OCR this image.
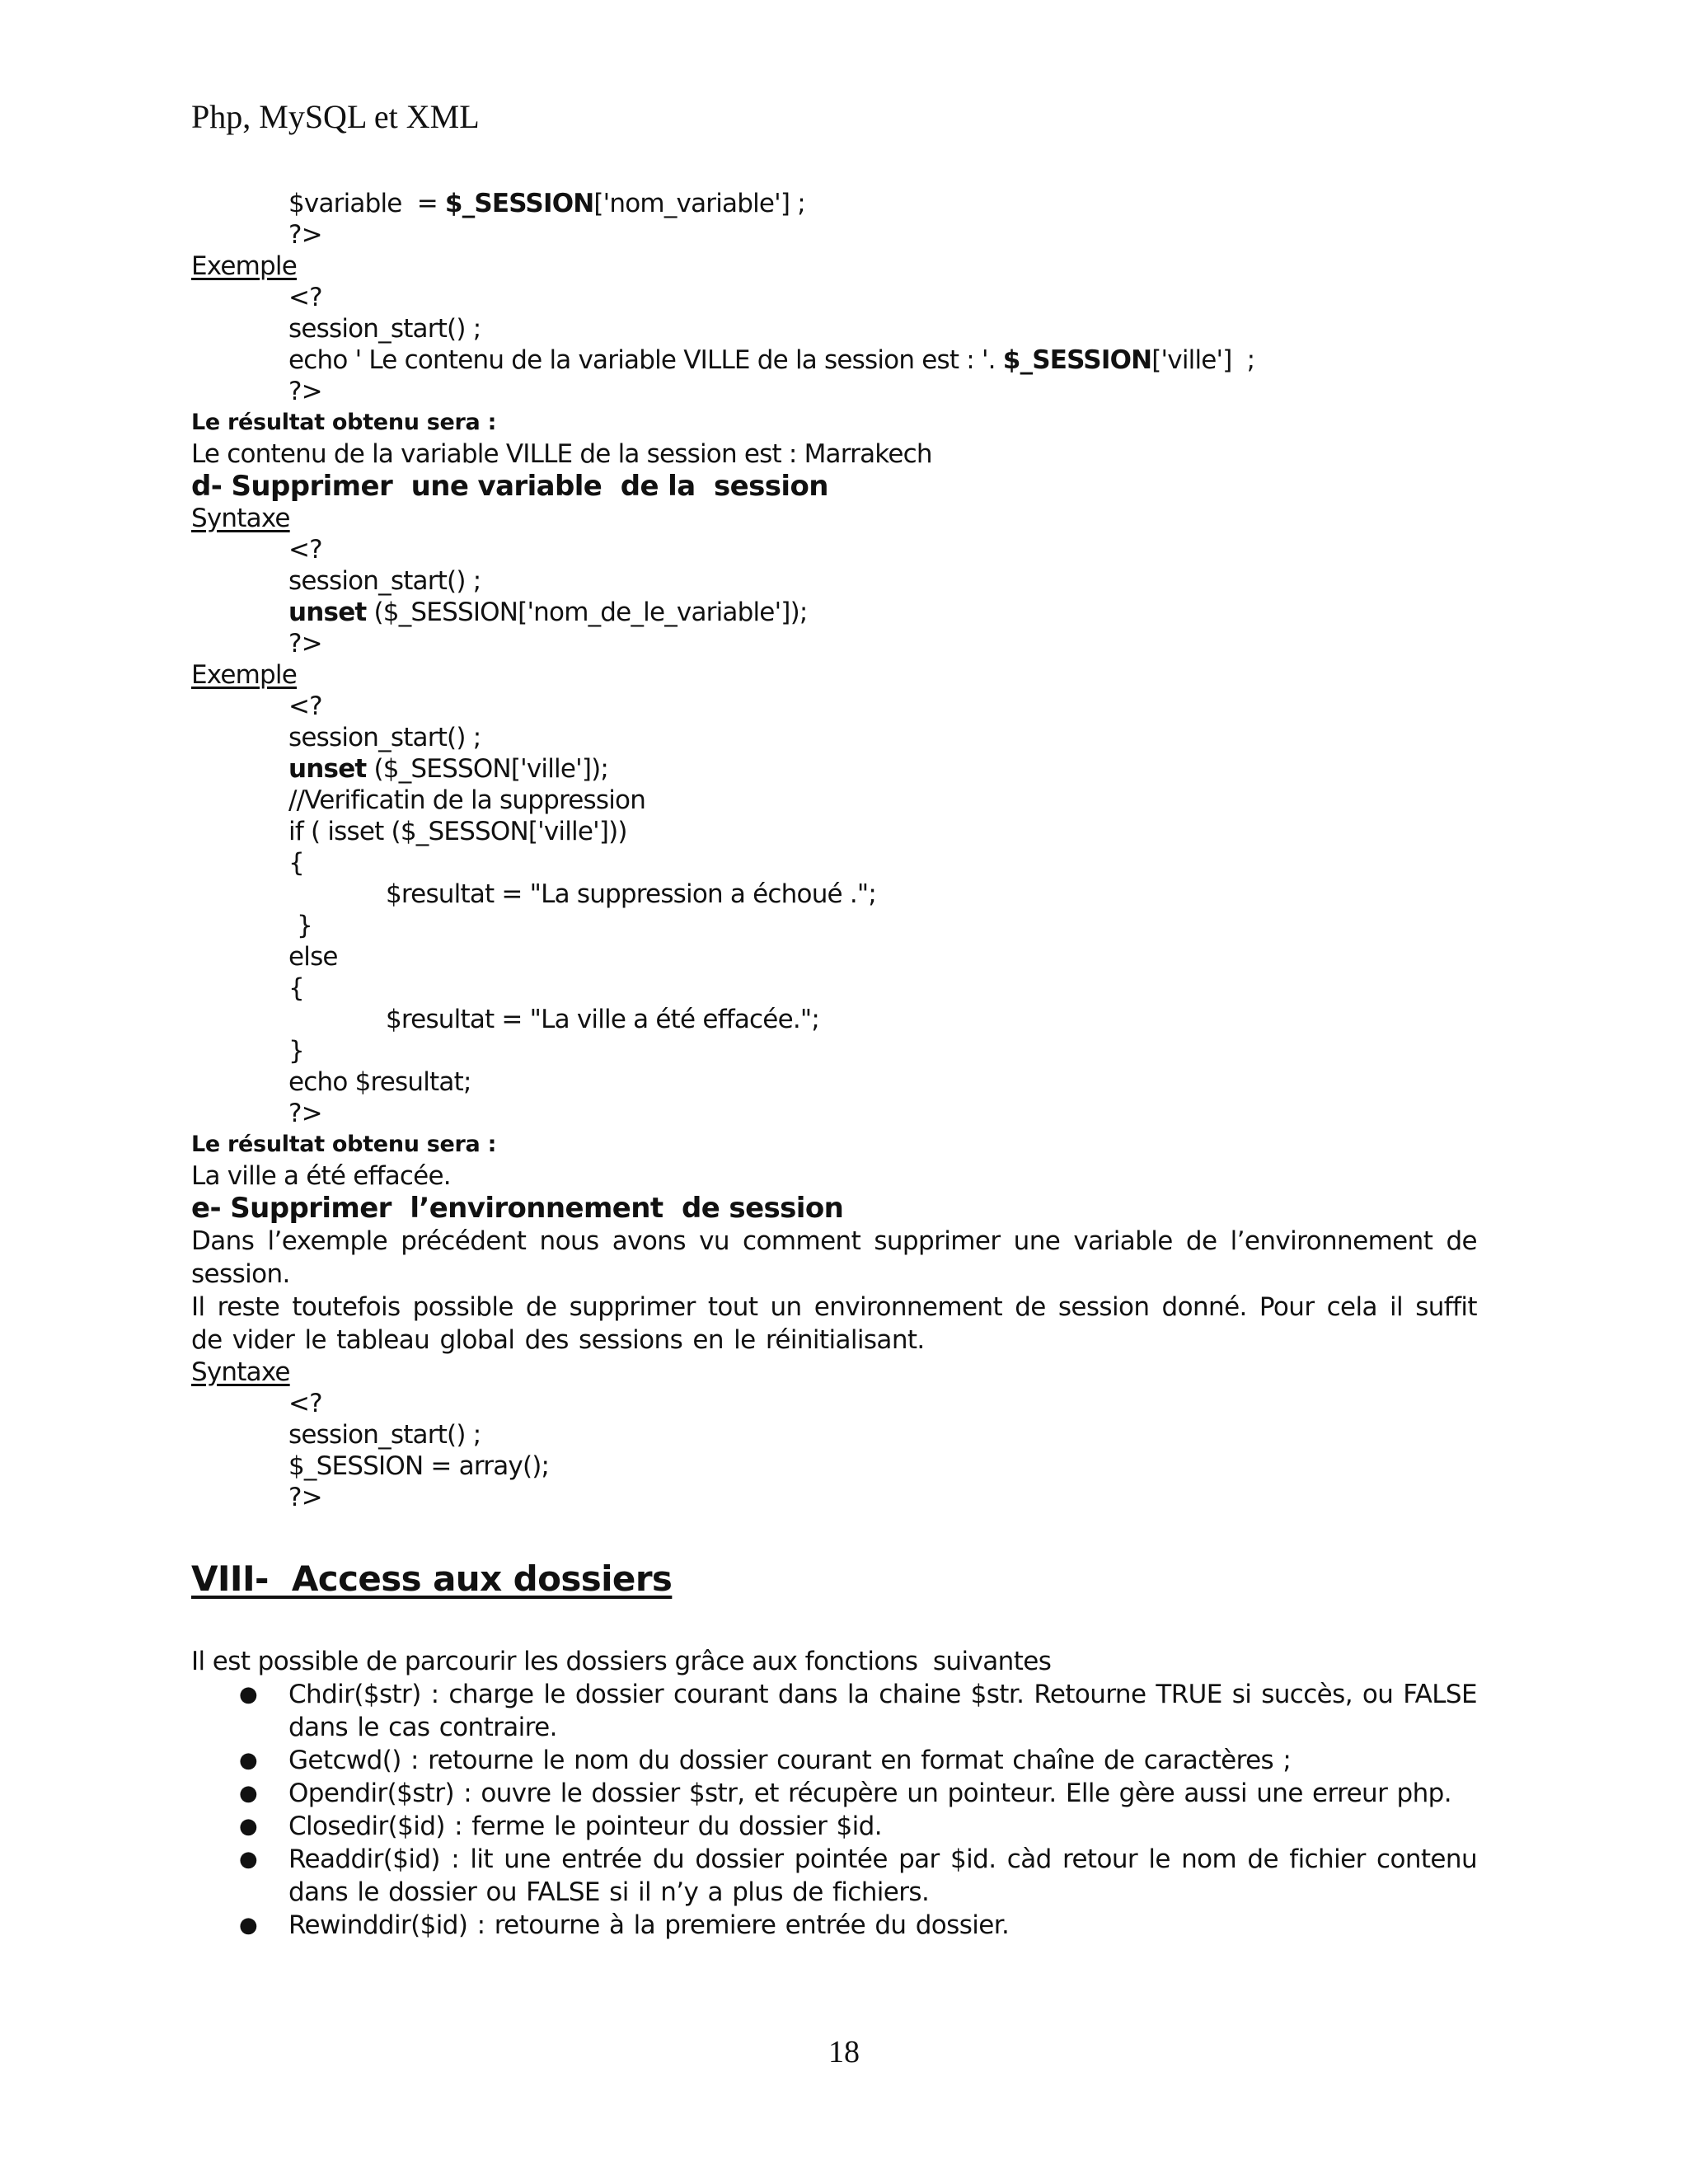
Php, MySQL et XML
$variable  = $_SESSION['nom_variable'] ;
?>
Exemple
<?
session_start() ;
echo ' Le contenu de la variable VILLE de la session est : '. $_SESSION['ville']  ;
?>
Le résultat obtenu sera :
Le contenu de la variable VILLE de la session est : Marrakech
d- Supprimer  une variable  de la  session
Syntaxe
<?
session_start() ;
unset ($_SESSION['nom_de_le_variable']);
?>
Exemple
<?
session_start() ;
unset ($_SESSON['ville']);
//Verificatin de la suppression
if ( isset ($_SESSON['ville']))
{
$resultat = "La suppression a échoué .";
}
else
{
$resultat = "La ville a été effacée.";
}
echo $resultat;
?>
Le résultat obtenu sera :
La ville a été effacée.
e- Supprimer  l’environnement  de session
Dans l’exemple précédent nous avons vu comment supprimer une variable de l’environnement de session.
Il reste toutefois possible de supprimer tout un environnement de session donné. Pour cela il suffit de vider le tableau global des sessions en le réinitialisant.
Syntaxe
<?
session_start() ;
$_SESSION = array();
?>
VIII-  Access aux dossiers
Il est possible de parcourir les dossiers grâce aux fonctions  suivantes
● Chdir($str) : charge le dossier courant dans la chaine $str. Retourne TRUE si succès, ou FALSE dans le cas contraire.
● Getcwd() : retourne le nom du dossier courant en format chaîne de caractères ;
● Opendir($str) : ouvre le dossier $str, et récupère un pointeur. Elle gère aussi une erreur php.
● Closedir($id) : ferme le pointeur du dossier $id.
● Readdir($id) : lit une entrée du dossier pointée par $id. càd retour le nom de fichier contenu dans le dossier ou FALSE si il n’y a plus de fichiers.
● Rewinddir($id) : retourne à la premiere entrée du dossier.
18
